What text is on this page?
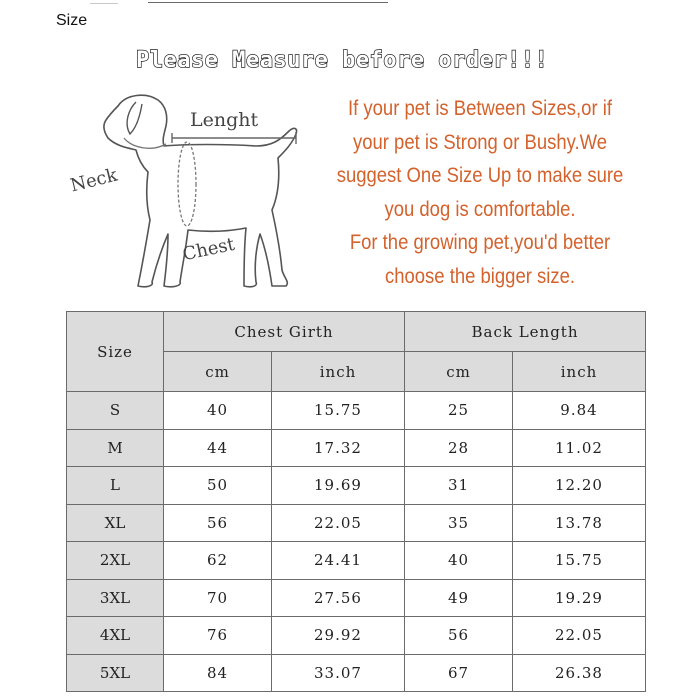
Size
Please Measure before order!!!
Neck
Lenght
Chest
If your pet is Between Sizes,or if
your pet is Strong or Bushy.We
suggest One Size Up to make sure
you dog is comfortable.
For the growing pet,you'd better
choose the bigger size.
Size	Chest Girth		Back Length	
	cm	inch	cm	inch
S	40	15.75	25	9.84
M	44	17.32	28	11.02
L	50	19.69	31	12.20
XL	56	22.05	35	13.78
2XL	62	24.41	40	15.75
3XL	70	27.56	49	19.29
4XL	76	29.92	56	22.05
5XL	84	33.07	67	26.38
